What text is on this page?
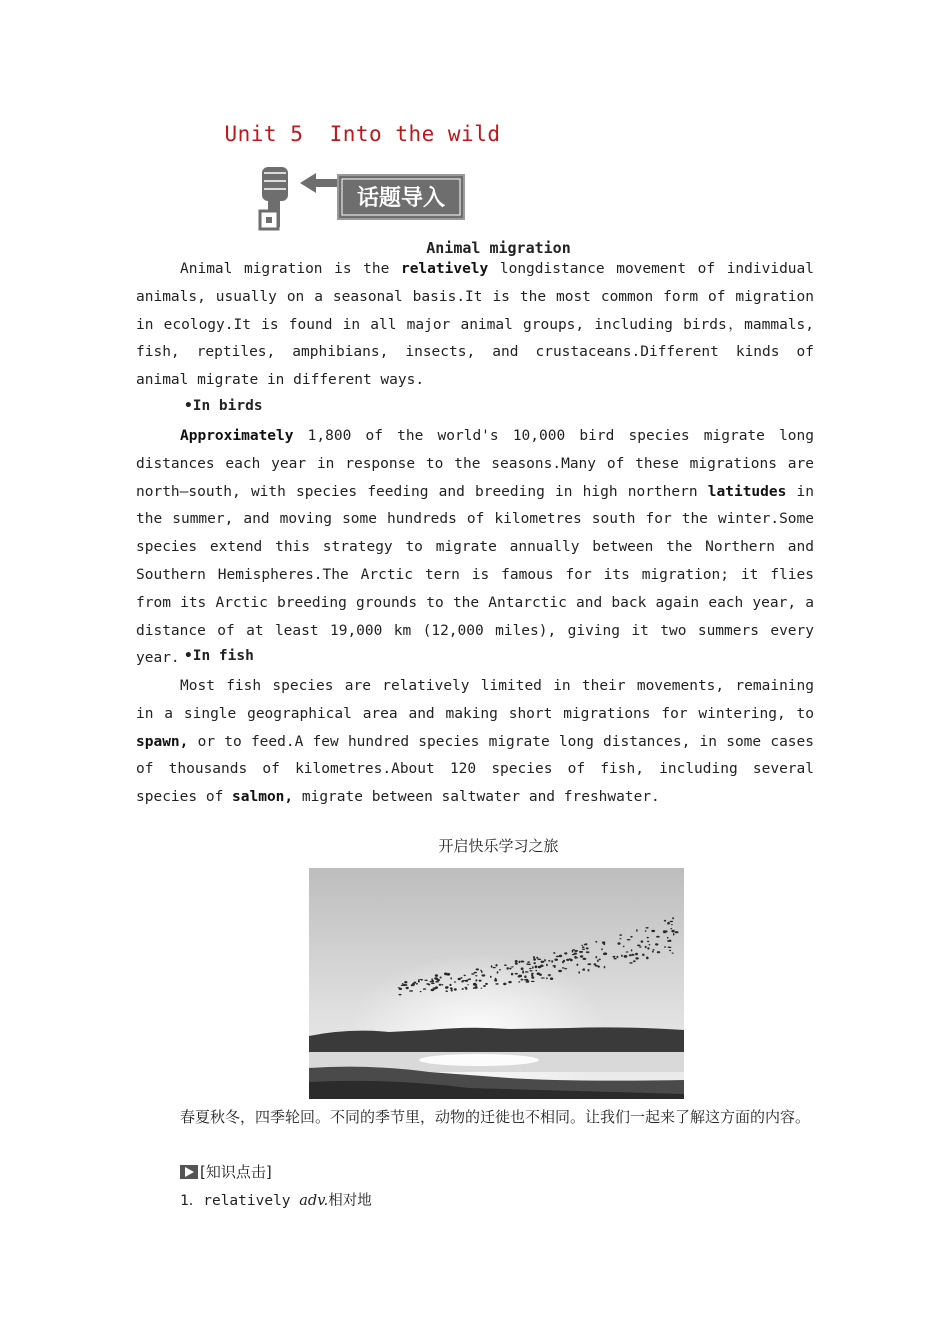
Unit 5  Into the wild
话题导入
Animal migration
Animal migration is the relatively longdistance movement of individual animals, usually on a seasonal basis.It is the most common form of migration in ecology.It is found in all major animal groups, including birds，mammals, fish, reptiles, amphibians, insects, and crustaceans.Different kinds of animal migrate in different ways.
•In birds
Approximately 1,800 of the world's 10,000 bird species migrate long distances each year in response to the seasons.Many of these migrations are north—south, with species feeding and breeding in high northern latitudes in the summer, and moving some hundreds of kilometres south for the winter.Some species extend this strategy to migrate annually between the Northern and Southern Hemispheres.The Arctic tern is famous for its migration; it flies from its Arctic breeding grounds to the Antarctic and back again each year, a distance of at least 19,000 km (12,000 miles), giving it two summers every year. •In fish
Most fish species are relatively limited in their movements, remaining in a single geographical area and making short migrations for wintering, to spawn, or to feed.A few hundred species migrate long distances, in some cases of thousands of kilometres.About 120 species of fish, including several species of salmon, migrate between saltwater and freshwater.
开启快乐学习之旅
春夏秋冬，四季轮回。不同的季节里，动物的迁徙也不相同。让我们一起来了解这方面的内容。
[知识点击]
1．relatively adv.相对地
